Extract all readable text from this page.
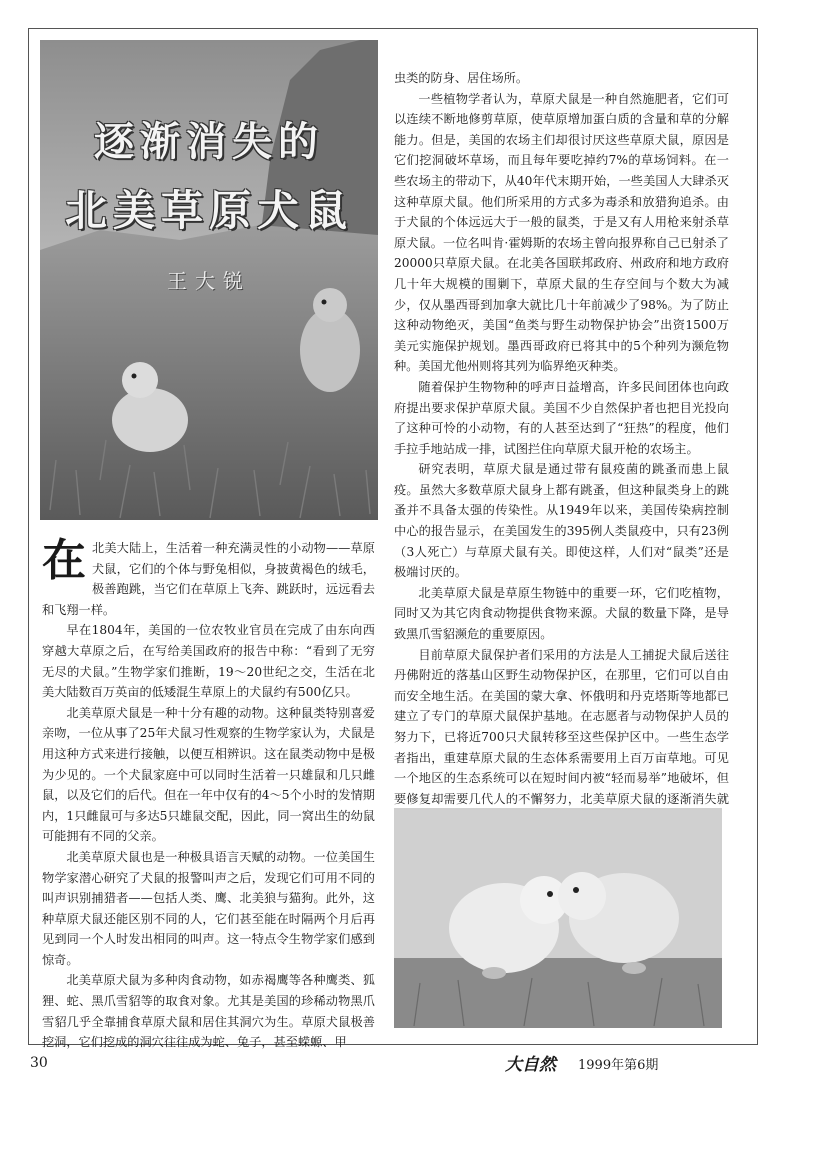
逐渐消失的
北美草原犬鼠
王大锐

在北美大陆上，生活着一种充满灵性的小动物——草原犬鼠，它们的个体与野兔相似，身披黄褐色的绒毛，极善跑跳，当它们在草原上飞奔、跳跃时，远远看去和飞翔一样。

早在1804年，美国的一位农牧业官员在完成了由东向西穿越大草原之后，在写给美国政府的报告中称：“看到了无穷无尽的犬鼠。”生物学家们推断，19～20世纪之交，生活在北美大陆数百万英亩的低矮混生草原上的犬鼠约有500亿只。

北美草原犬鼠是一种十分有趣的动物。这种鼠类特别喜爱亲吻，一位从事了25年犬鼠习性观察的生物学家认为，犬鼠是用这种方式来进行接触，以便互相辨识。这在鼠类动物中是极为少见的。一个犬鼠家庭中可以同时生活着一只雄鼠和几只雌鼠，以及它们的后代。但在一年中仅有的4～5个小时的发情期内，1只雌鼠可与多达5只雄鼠交配，因此，同一窝出生的幼鼠可能拥有不同的父亲。

北美草原犬鼠也是一种极具语言天赋的动物。一位美国生物学家潜心研究了犬鼠的报警叫声之后，发现它们可用不同的叫声识别捕猎者——包括人类、鹰、北美狼与猫狗。此外，这种草原犬鼠还能区别不同的人，它们甚至能在时隔两个月后再见到同一个人时发出相同的叫声。这一特点令生物学家们感到惊奇。

北美草原犬鼠为多种肉食动物，如赤褐鹰等各种鹰类、狐狸、蛇、黑爪雪貂等的取食对象。尤其是美国的珍稀动物黑爪雪貂几乎全靠捕食草原犬鼠和居住其洞穴为生。草原犬鼠极善挖洞，它们挖成的洞穴往往成为蛇、兔子，甚至蝾螈、甲

虫类的防身、居住场所。

一些植物学者认为，草原犬鼠是一种自然施肥者，它们可以连续不断地修剪草原，使草原增加蛋白质的含量和草的分解能力。但是，美国的农场主们却很讨厌这些草原犬鼠，原因是它们挖洞破坏草场，而且每年要吃掉约7%的草场饲料。在一些农场主的带动下，从40年代末期开始，一些美国人大肆杀灭这种草原犬鼠。他们所采用的方式多为毒杀和放猎狗追杀。由于犬鼠的个体远远大于一般的鼠类，于是又有人用枪来射杀草原犬鼠。一位名叫肯·霍姆斯的农场主曾向报界称自己已射杀了20000只草原犬鼠。在北美各国联邦政府、州政府和地方政府几十年大规模的围剿下，草原犬鼠的生存空间与个数大为减少，仅从墨西哥到加拿大就比几十年前减少了98%。为了防止这种动物绝灭，美国“鱼类与野生动物保护协会”出资1500万美元实施保护规划。墨西哥政府已将其中的5个种列为濒危物种。美国尤他州则将其列为临界绝灭种类。

随着保护生物物种的呼声日益增高，许多民间团体也向政府提出要求保护草原犬鼠。美国不少自然保护者也把目光投向了这种可怜的小动物，有的人甚至达到了“狂热”的程度，他们手拉手地站成一排，试图拦住向草原犬鼠开枪的农场主。

研究表明，草原犬鼠是通过带有鼠疫菌的跳蚤而患上鼠疫。虽然大多数草原犬鼠身上都有跳蚤，但这种鼠类身上的跳蚤并不具备太强的传染性。从1949年以来，美国传染病控制中心的报告显示，在美国发生的395例人类鼠疫中，只有23例（3人死亡）与草原犬鼠有关。即使这样，人们对“鼠类”还是极端讨厌的。

北美草原犬鼠是草原生物链中的重要一环，它们吃植物，同时又为其它肉食动物提供食物来源。犬鼠的数量下降，是导致黑爪雪貂濒危的重要原因。

目前草原犬鼠保护者们采用的方法是人工捕捉犬鼠后送往丹佛附近的落基山区野生动物保护区，在那里，它们可以自由而安全地生活。在美国的蒙大拿、怀俄明和丹克塔斯等地都已建立了专门的草原犬鼠保护基地。在志愿者与动物保护人员的努力下，已将近700只犬鼠转移至这些保护区中。一些生态学者指出，重建草原犬鼠的生态体系需要用上百万亩草地。可见一个地区的生态系统可以在短时间内被“轻而易举”地破坏，但要修复却需要几代人的不懈努力，北美草原犬鼠的逐渐消失就

30	大自然 1999年第6期
